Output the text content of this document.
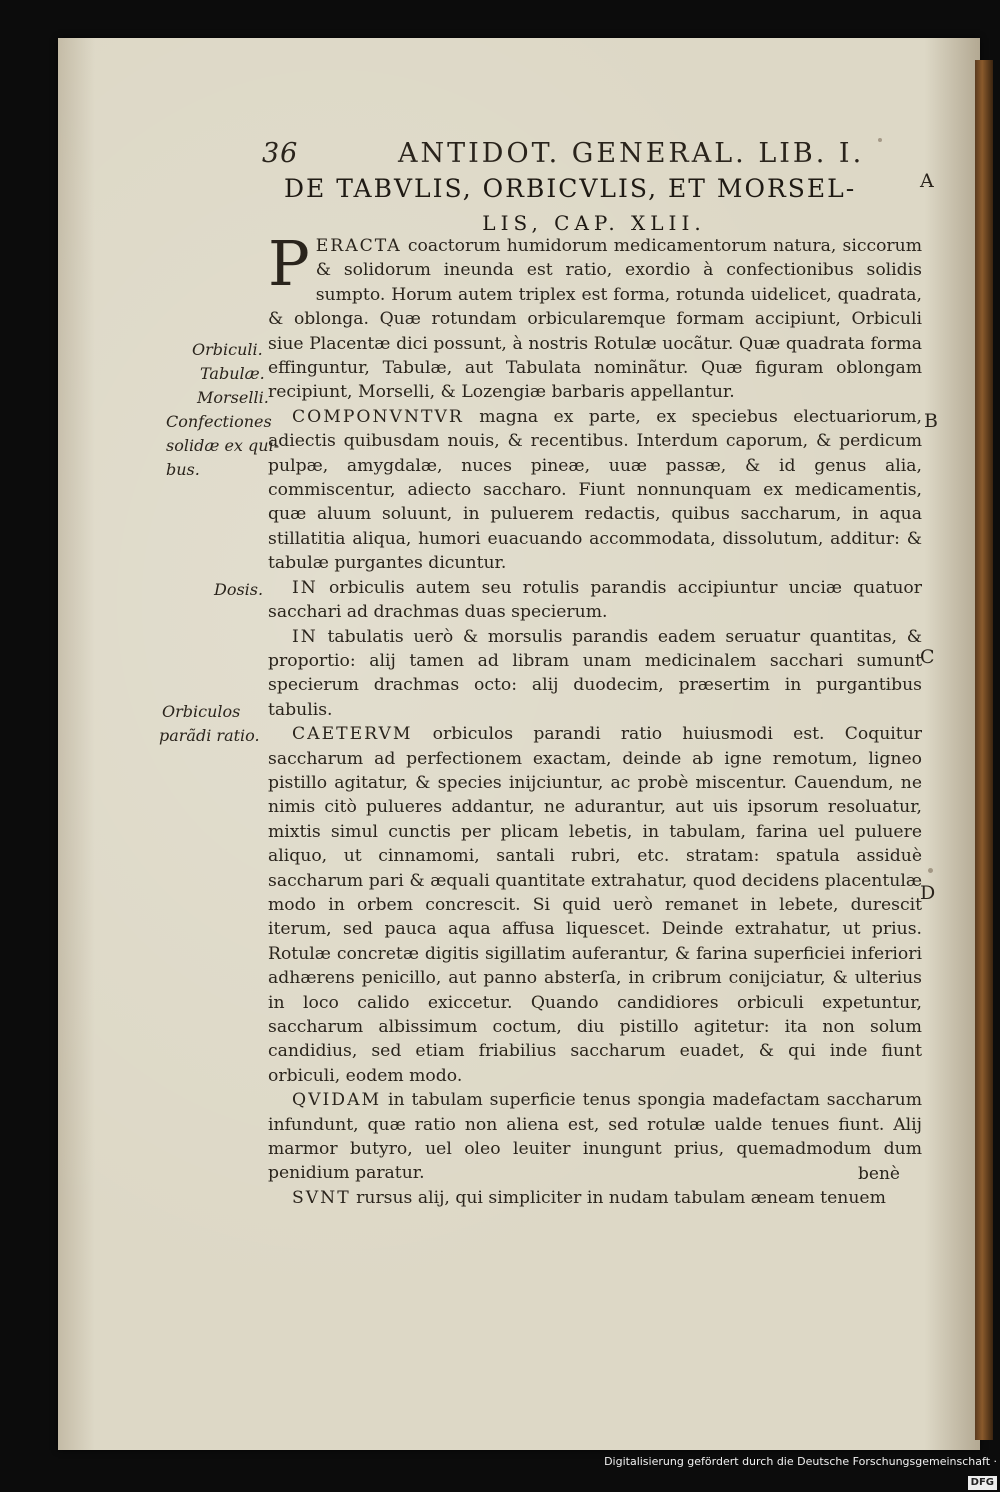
36	ANTIDOT. GENERAL. LIB. I.
DE TABVLIS, ORBICVLIS, ET MORSEL-
LIS, CAP. XLII.

PERACTA coactorum humidorum medicamentorum natura, siccorum & solidorum ineunda est ratio, exordio à confectionibus solidis sumpto. Horum autem triplex est forma, rotunda uidelicet, quadrata, & oblonga. Quæ rotundam orbicularemque formam accipiunt, Orbiculi siue Placentæ dici possunt, à nostris Rotulæ uocãtur. Quæ quadrata forma effinguntur, Tabulæ, aut Tabulata nominãtur. Quæ figuram oblongam recipiunt, Morselli, & Lozengiæ barbaris appellantur.

COMPONVNTVR magna ex parte, ex speciebus electuariorum, adiectis quibusdam nouis, & recentibus. Interdum caporum, & perdicum pulpæ, amygdalæ, nuces pineæ, uuæ passæ, & id genus alia, commiscentur, adiecto saccharo. Fiunt nonnunquam ex medicamentis, quæ aluum soluunt, in puluerem redactis, quibus saccharum, in aqua stillatitia aliqua, humori euacuando accommodata, dissolutum, additur: & tabulæ purgantes dicuntur.

IN orbiculis autem seu rotulis parandis accipiuntur unciæ quatuor sacchari ad drachmas duas specierum.

IN tabulatis uerò & morsulis parandis eadem seruatur quantitas, & proportio: alij tamen ad libram unam medicinalem sacchari sumunt specierum drachmas octo: alij duodecim, præsertim in purgantibus tabulis.

CAETERVM orbiculos parandi ratio huiusmodi est. Coquitur saccharum ad perfectionem exactam, deinde ab igne remotum, ligneo pistillo agitatur, & species inijciuntur, ac probè miscentur. Cauendum, ne nimis citò pulueres addantur, ne adurantur, aut uis ipsorum resoluatur, mixtis simul cunctis per plicam lebetis, in tabulam, farina uel puluere aliquo, ut cinnamomi, santali rubri, etc. stratam: spatula assiduè saccharum pari & æquali quantitate extrahatur, quod decidens placentulæ modo in orbem concrescit. Si quid uerò remanet in lebete, durescit iterum, sed pauca aqua affusa liquescet. Deinde extrahatur, ut prius. Rotulæ concretæ digitis sigillatim auferantur, & farina superficiei inferiori adhærens penicillo, aut panno absterſa, in cribrum conijciatur, & ulterius in loco calido exiccetur. Quando candidiores orbiculi expetuntur, saccharum albissimum coctum, diu pistillo agitetur: ita non solum candidius, sed etiam friabilius saccharum euadet, & qui inde fiunt orbiculi, eodem modo.

QVIDAM in tabulam superficie tenus spongia madefactam saccharum infundunt, quæ ratio non aliena est, sed rotulæ ualde tenues fiunt. Alij marmor butyro, uel oleo leuiter inungunt prius, quemadmodum dum penidium paratur.

SVNT rursus alij, qui simpliciter in nudam tabulam æneam tenuem

Orbiculi.
Tabulæ.
Morselli.
Confectiones
solidæ ex qui-
bus.
Dosis.
Orbiculos
parãdi ratio.
A
B
C
D
benè
Digitalisierung gefördert durch die Deutsche Forschungsgemeinschaft ·DFG
